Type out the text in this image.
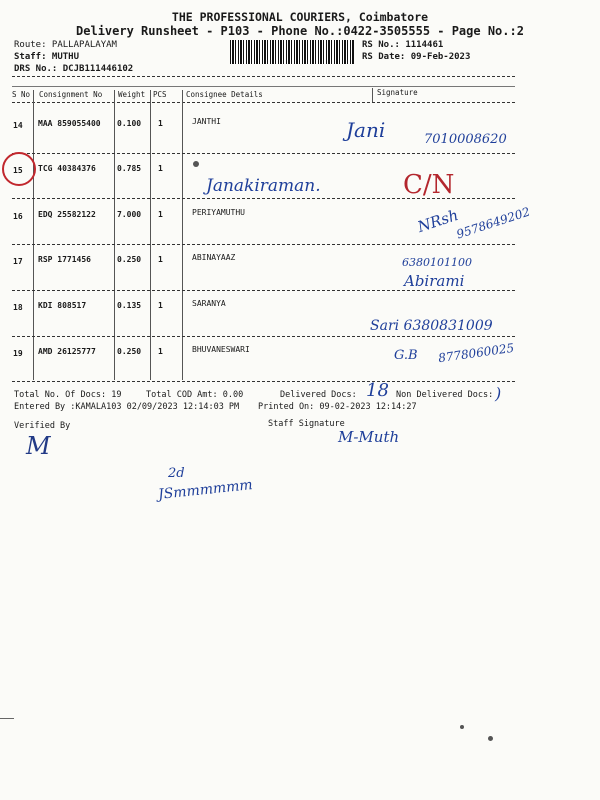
THE PROFESSIONAL COURIERS, Coimbatore
Delivery Runsheet - P103 - Phone No.:0422-3505555 - Page No.:2
Route: PALLAPALAYAM
Staff: MUTHU
DRS No.: DCJB111446102
RS No.: 1114461
RS Date: 09-Feb-2023
S No Consignment No Weight PCS	Consignee Details	Signature
14 MAA 859055400 0.100 1	JANTHI	Jani	7010008620
15 TCG 40384376	0.785 1
Janakiraman.	C/N
16 EDQ 25582122	7.000 1	PERIYAMUTHU	NRsh
9578649202
17 RSP 1771456	0.250 1	ABINAYAAZ	6380101100
Abirami
18 KDI 808517	0.135 1	SARANYA
Sari 6380831009
19 AMD 26125777	0.250 1	BHUVANESWARI	G.B 8778060025
Total No. Of Docs: 19	Total COD Amt: 0.00	Delivered Docs: 18 Non Delivered Docs: )
Entered By :KAMALA103 02/09/2023 12:14:03 PM Printed On: 09-02-2023 12:14:27
Verified By	Staff Signature
M	M-Muth
2d
JSmmmmmm
